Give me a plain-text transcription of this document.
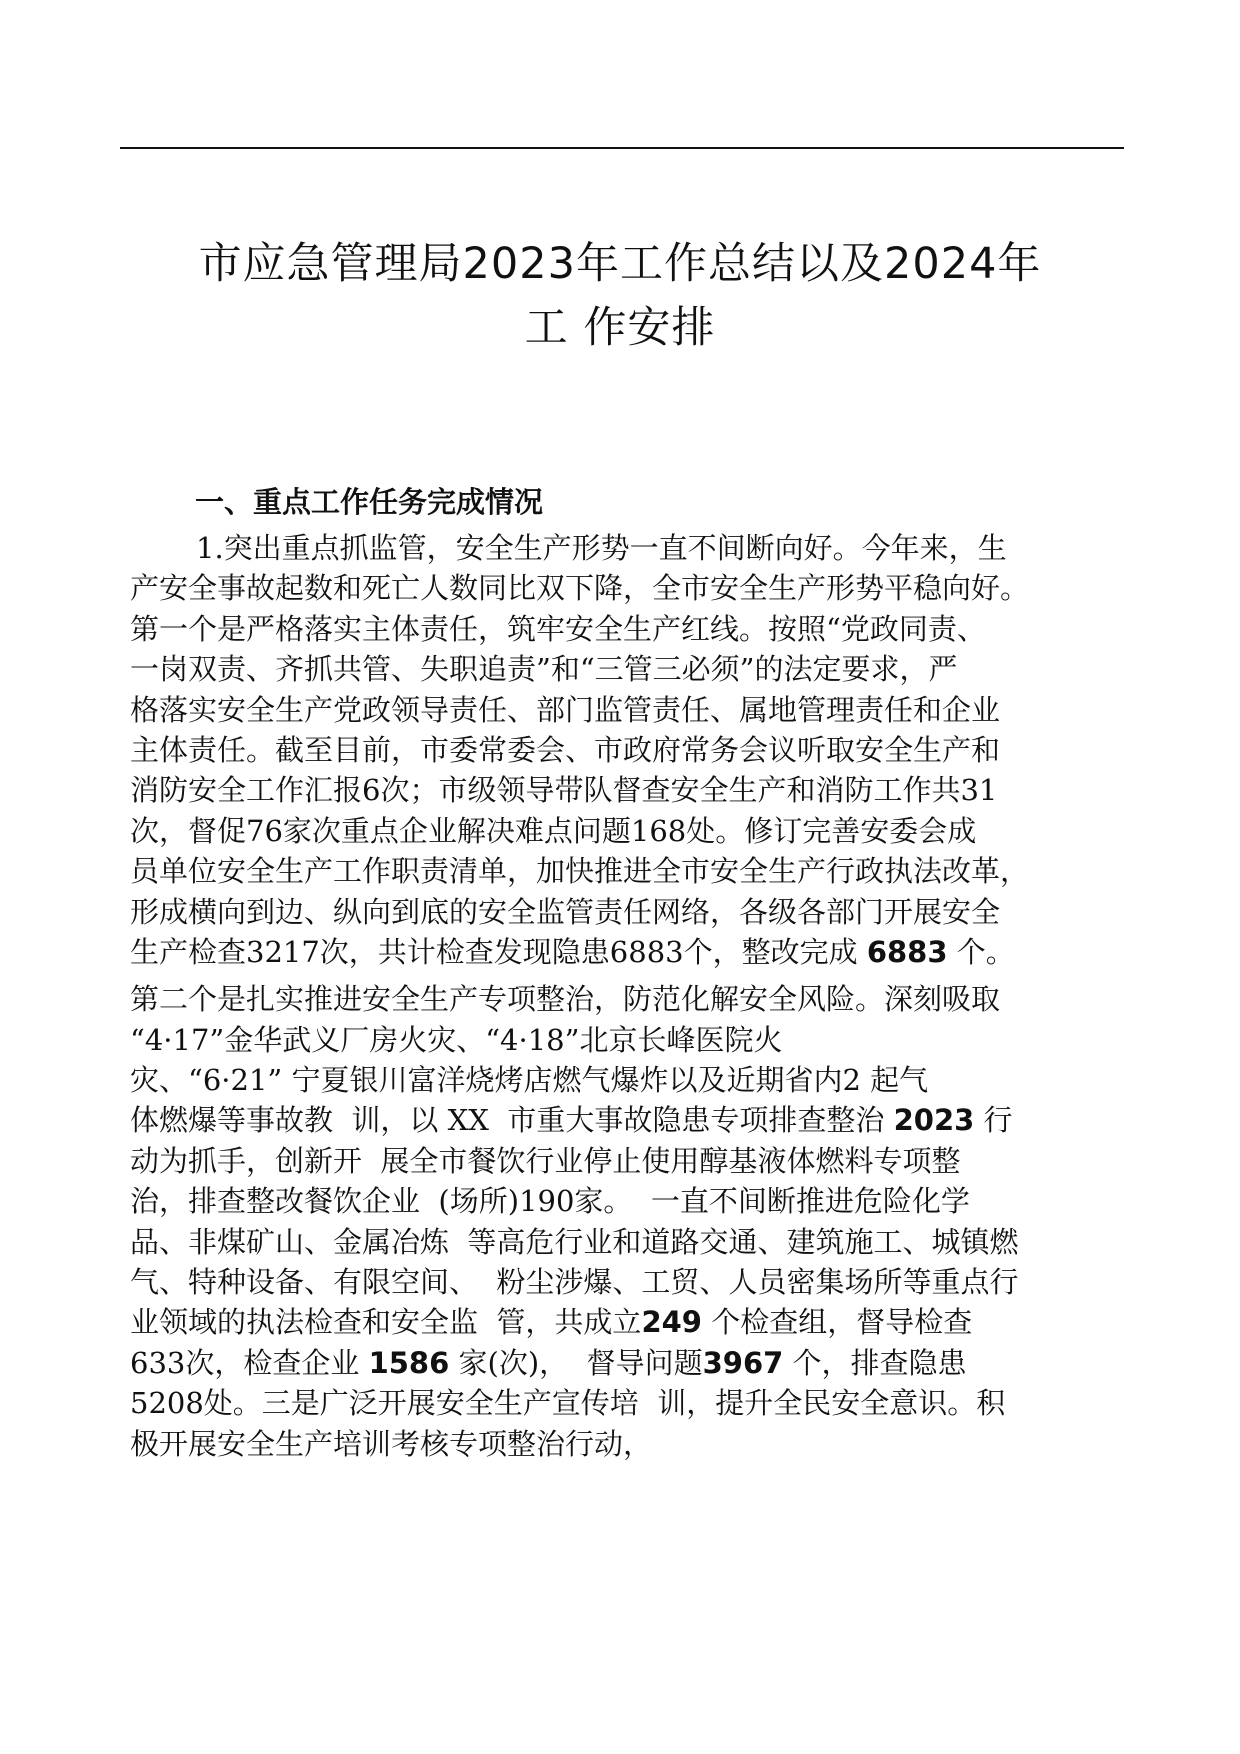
市应急管理局2023年工作总结以及2024年
工 作安排
一、重点工作任务完成情况
1.突出重点抓监管，安全生产形势一直不间断向好。今年来，生
产安全事故起数和死亡人数同比双下降，全市安全生产形势平稳向好。
第一个是严格落实主体责任，筑牢安全生产红线。按照“党政同责、
一岗双责、齐抓共管、失职追责”和“三管三必须”的法定要求，严
格落实安全生产党政领导责任、部门监管责任、属地管理责任和企业
主体责任。截至目前，市委常委会、市政府常务会议听取安全生产和
消防安全工作汇报6次；市级领导带队督查安全生产和消防工作共31
次，督促76家次重点企业解决难点问题168处。修订完善安委会成
员单位安全生产工作职责清单，加快推进全市安全生产行政执法改革，
形成横向到边、纵向到底的安全监管责任网络，各级各部门开展安全
生产检查3217次，共计检查发现隐患6883个，整改完成 6883 个。
第二个是扎实推进安全生产专项整治，防范化解安全风险。深刻吸取
“4·17”金华武义厂房火灾、“4·18”北京长峰医院火
灾、“6·21” 宁夏银川富洋烧烤店燃气爆炸以及近期省内2 起气
体燃爆等事故教  训，以 XX  市重大事故隐患专项排查整治 2023 行
动为抓手，创新开  展全市餐饮行业停止使用醇基液体燃料专项整
治，排查整改餐饮企业  (场所)190家。  一直不间断推进危险化学
品、非煤矿山、金属冶炼  等高危行业和道路交通、建筑施工、城镇燃
气、特种设备、有限空间、  粉尘涉爆、工贸、人员密集场所等重点行
业领域的执法检查和安全监  管，共成立249 个检查组，督导检查
633次，检查企业 1586 家(次)，  督导问题3967 个，排查隐患
5208处。三是广泛开展安全生产宣传培  训，提升全民安全意识。积
极开展安全生产培训考核专项整治行动，
